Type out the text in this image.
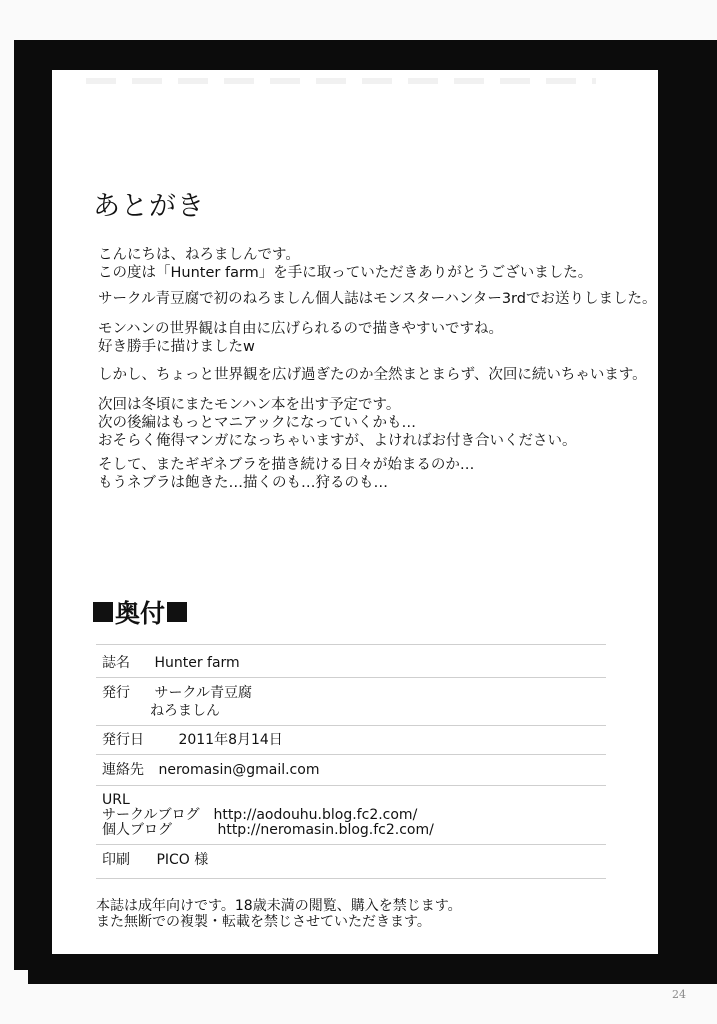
あとがき
こんにちは、ねろましんです。
この度は「Hunter farm」を手に取っていただきありがとうございました。
サークル青豆腐で初のねろましん個人誌はモンスターハンター3rdでお送りしました。
モンハンの世界観は自由に広げられるので描きやすいですね。
好き勝手に描けましたw
しかし、ちょっと世界観を広げ過ぎたのか全然まとまらず、次回に続いちゃいます。
次回は冬頃にまたモンハン本を出す予定です。
次の後編はもっとマニアックになっていくかも…
おそらく俺得マンガになっちゃいますが、よければお付き合いください。
そして、またギギネブラを描き続ける日々が始まるのか…
もうネブラは飽きた…描くのも…狩るのも…
奥付
誌名 Hunter farm
発行 サークル青豆腐
ねろましん
発行日 2011年8月14日
連絡先 neromasin@gmail.com
URL
サークルブログ http://aodouhu.blog.fc2.com/
個人ブログ	http://neromasin.blog.fc2.com/
印刷 PICO 様
本誌は成年向けです。18歳未満の閲覧、購入を禁じます。
また無断での複製・転載を禁じさせていただきます。
24
